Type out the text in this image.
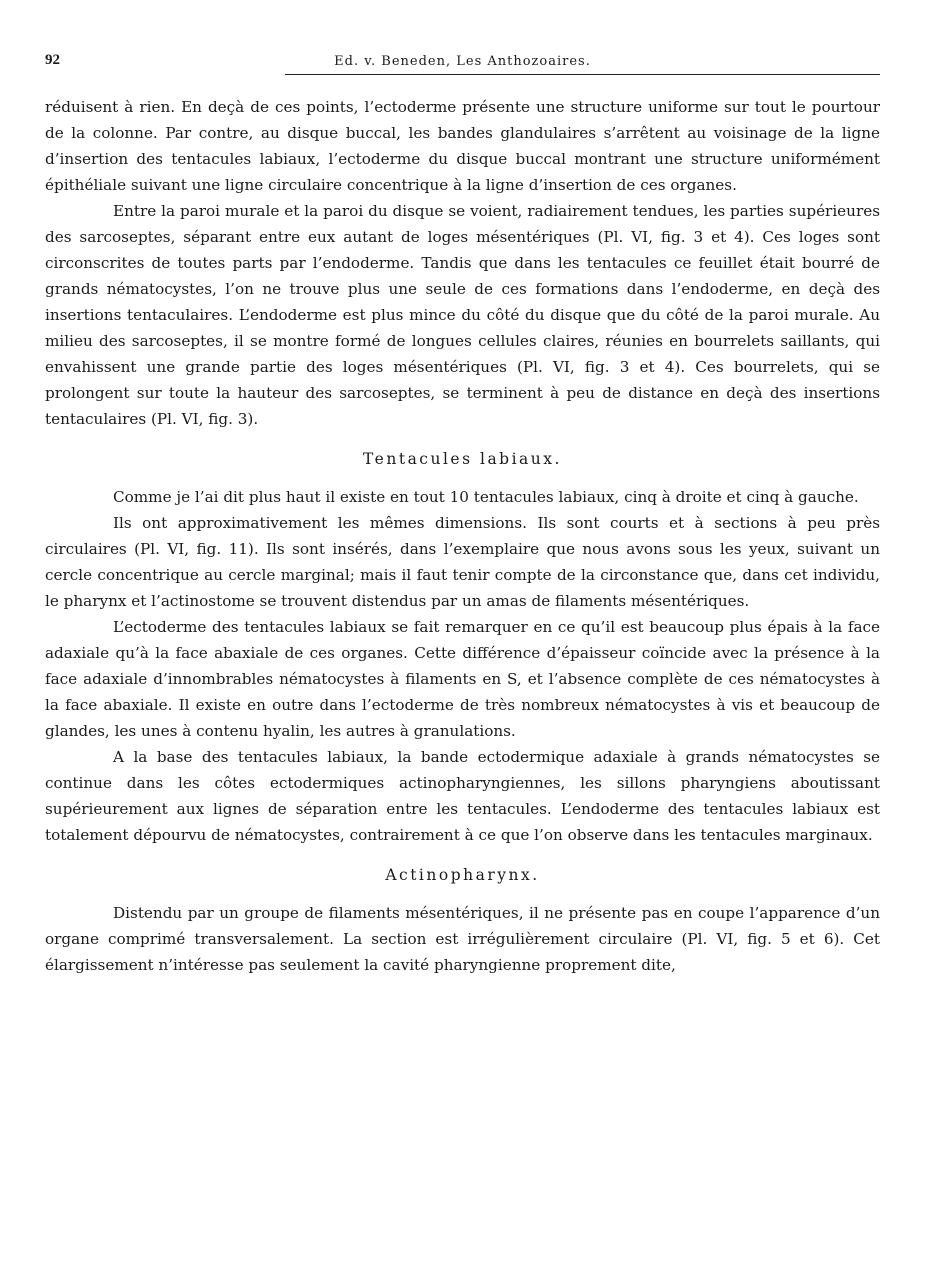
92	Ed. v. Beneden, Les Anthozoaires.

réduisent à rien. En deçà de ces points, l’ectoderme présente une structure uniforme sur tout le pourtour de la colonne. Par contre, au disque buccal, les bandes glandulaires s’arrêtent au voisinage de la ligne d’insertion des tentacules labiaux, l’ectoderme du disque buccal montrant une structure uniformément épithéliale suivant une ligne circulaire concentrique à la ligne d’insertion de ces organes.

Entre la paroi murale et la paroi du disque se voient, radiairement tendues, les parties supérieures des sarcoseptes, séparant entre eux autant de loges mésentériques (Pl. VI, fig. 3 et 4). Ces loges sont circonscrites de toutes parts par l’endoderme. Tandis que dans les tentacules ce feuillet était bourré de grands nématocystes, l’on ne trouve plus une seule de ces formations dans l’endoderme, en deçà des insertions tentaculaires. L’endoderme est plus mince du côté du disque que du côté de la paroi murale. Au milieu des sarcoseptes, il se montre formé de longues cellules claires, réunies en bourrelets saillants, qui envahissent une grande partie des loges mésentériques (Pl. VI, fig. 3 et 4). Ces bourrelets, qui se prolongent sur toute la hauteur des sarcoseptes, se terminent à peu de distance en deçà des insertions tentaculaires (Pl. VI, fig. 3).

Tentacules labiaux.

Comme je l’ai dit plus haut il existe en tout 10 tentacules labiaux, cinq à droite et cinq à gauche.

Ils ont approximativement les mêmes dimensions. Ils sont courts et à sections à peu près circulaires (Pl. VI, fig. 11). Ils sont insérés, dans l’exemplaire que nous avons sous les yeux, suivant un cercle concentrique au cercle marginal; mais il faut tenir compte de la circonstance que, dans cet individu, le pharynx et l’actinostome se trouvent distendus par un amas de filaments mésentériques.

L’ectoderme des tentacules labiaux se fait remarquer en ce qu’il est beaucoup plus épais à la face adaxiale qu’à la face abaxiale de ces organes. Cette différence d’épaisseur coïncide avec la présence à la face adaxiale d’innombrables nématocystes à filaments en S, et l’absence complète de ces nématocystes à la face abaxiale. Il existe en outre dans l’ectoderme de très nombreux nématocystes à vis et beaucoup de glandes, les unes à contenu hyalin, les autres à granulations.

A la base des tentacules labiaux, la bande ectodermique adaxiale à grands nématocystes se continue dans les côtes ectodermiques actinopharyngiennes, les sillons pharyngiens aboutissant supérieurement aux lignes de séparation entre les tentacules. L’endoderme des tentacules labiaux est totalement dépourvu de nématocystes, contrairement à ce que l’on observe dans les tentacules marginaux.

Actinopharynx.

Distendu par un groupe de filaments mésentériques, il ne présente pas en coupe l’apparence d’un organe comprimé transversalement. La section est irrégulièrement circulaire (Pl. VI, fig. 5 et 6). Cet élargissement n’intéresse pas seulement la cavité pharyngienne proprement dite,
